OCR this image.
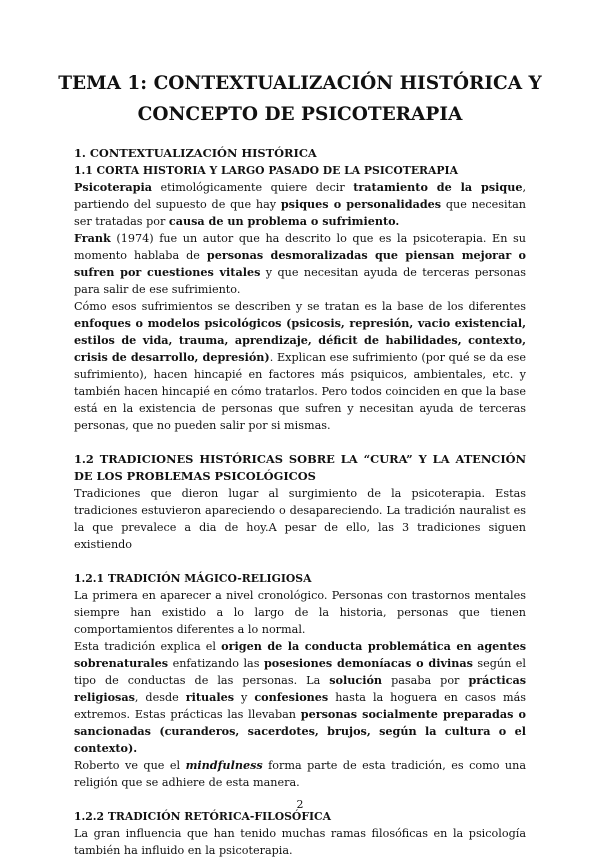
TEMA 1: CONTEXTUALIZACIÓN HISTÓRICA Y
CONCEPTO DE PSICOTERAPIA

1. CONTEXTUALIZACIÓN HISTÓRICA

1.1 CORTA HISTORIA Y LARGO PASADO DE LA PSICOTERAPIA

Psicoterapia etimológicamente quiere decir tratamiento de la psique, partiendo del supuesto de que hay psiques o personalidades que necesitan ser tratadas por causa de un problema o sufrimiento.

Frank (1974) fue un autor que ha descrito lo que es la psicoterapia. En su momento hablaba de personas desmoralizadas que piensan mejorar o sufren por cuestiones vitales y que necesitan ayuda de terceras personas para salir de ese sufrimiento.

Cómo esos sufrimientos se describen y se tratan es la base de los diferentes enfoques o modelos psicológicos (psicosis, represión, vacio existencial, estilos de vida, trauma, aprendizaje, déficit de habilidades, contexto, crisis de desarrollo, depresión). Explican ese sufrimiento (por qué se da ese sufrimiento), hacen hincapié en factores más psiquicos, ambientales, etc. y también hacen hincapié en cómo tratarlos. Pero todos coinciden en que la base está en la existencia de personas que sufren y necesitan ayuda de terceras personas, que no pueden salir por si mismas.

1.2 TRADICIONES HISTÓRICAS SOBRE LA “CURA” Y LA ATENCIÓN DE LOS PROBLEMAS PSICOLÓGICOS

Tradiciones que dieron lugar al surgimiento de la psicoterapia. Estas tradiciones estuvieron apareciendo o desapareciendo. La tradición nauralist es la que prevalece a dia de hoy.A pesar de ello, las 3 tradiciones siguen existiendo

1.2.1 TRADICIÓN MÁGICO-RELIGIOSA

La primera en aparecer a nivel cronológico. Personas con trastornos mentales siempre han existido a lo largo de la historia, personas que tienen comportamientos diferentes a lo normal.

Esta tradición explica el origen de la conducta problemática en agentes sobrenaturales enfatizando las posesiones demoníacas o divinas según el tipo de conductas de las personas. La solución pasaba por prácticas religiosas, desde rituales y confesiones hasta la hoguera en casos más extremos. Estas prácticas las llevaban personas socialmente preparadas o sancionadas (curanderos, sacerdotes, brujos, según la cultura o el contexto).

Roberto ve que el mindfulness forma parte de esta tradición, es como una religión que se adhiere de esta manera.

1.2.2 TRADICIÓN RETÓRICA-FILOSÓFICA

La gran influencia que han tenido muchas ramas filosóficas en la psicología también ha influido en la psicoterapia.

2
